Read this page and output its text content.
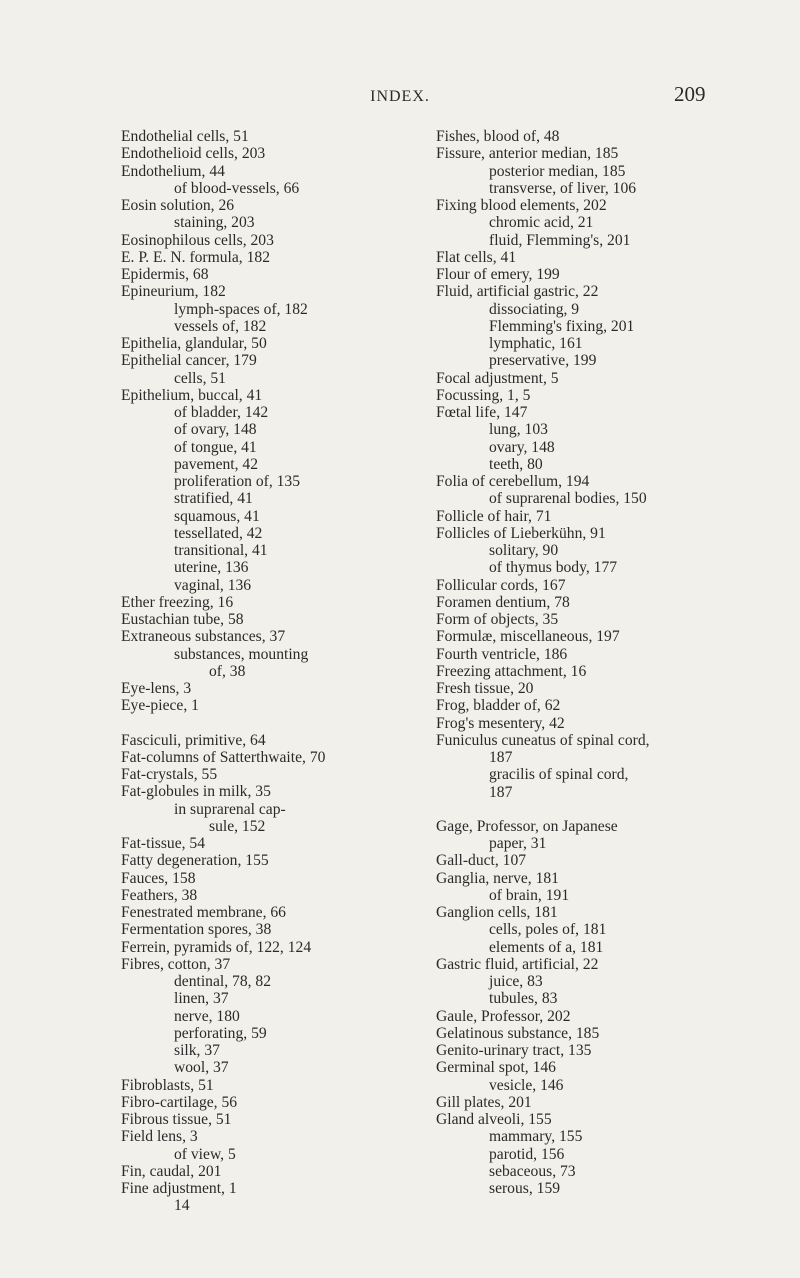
INDEX.	209
Endothelial cells, 51
Endothelioid cells, 203
Endothelium, 44
of blood-vessels, 66
Eosin solution, 26
staining, 203
Eosinophilous cells, 203
E. P. E. N. formula, 182
Epidermis, 68
Epineurium, 182
lymph-spaces of, 182
vessels of, 182
Epithelia, glandular, 50
Epithelial cancer, 179
cells, 51
Epithelium, buccal, 41
of bladder, 142
of ovary, 148
of tongue, 41
pavement, 42
proliferation of, 135
stratified, 41
squamous, 41
tessellated, 42
transitional, 41
uterine, 136
vaginal, 136
Ether freezing, 16
Eustachian tube, 58
Extraneous substances, 37
substances, mounting
of, 38
Eye-lens, 3
Eye-piece, 1
Fasciculi, primitive, 64
Fat-columns of Satterthwaite, 70
Fat-crystals, 55
Fat-globules in milk, 35
in suprarenal cap-
sule, 152
Fat-tissue, 54
Fatty degeneration, 155
Fauces, 158
Feathers, 38
Fenestrated membrane, 66
Fermentation spores, 38
Ferrein, pyramids of, 122, 124
Fibres, cotton, 37
dentinal, 78, 82
linen, 37
nerve, 180
perforating, 59
silk, 37
wool, 37
Fibroblasts, 51
Fibro-cartilage, 56
Fibrous tissue, 51
Field lens, 3
of view, 5
Fin, caudal, 201
Fine adjustment, 1
14
Fishes, blood of, 48
Fissure, anterior median, 185
posterior median, 185
transverse, of liver, 106
Fixing blood elements, 202
chromic acid, 21
fluid, Flemming's, 201
Flat cells, 41
Flour of emery, 199
Fluid, artificial gastric, 22
dissociating, 9
Flemming's fixing, 201
lymphatic, 161
preservative, 199
Focal adjustment, 5
Focussing, 1, 5
Fœtal life, 147
lung, 103
ovary, 148
teeth, 80
Folia of cerebellum, 194
of suprarenal bodies, 150
Follicle of hair, 71
Follicles of Lieberkühn, 91
solitary, 90
of thymus body, 177
Follicular cords, 167
Foramen dentium, 78
Form of objects, 35
Formulæ, miscellaneous, 197
Fourth ventricle, 186
Freezing attachment, 16
Fresh tissue, 20
Frog, bladder of, 62
Frog's mesentery, 42
Funiculus cuneatus of spinal cord,
187
gracilis of spinal cord,
187
Gage, Professor, on Japanese
paper, 31
Gall-duct, 107
Ganglia, nerve, 181
of brain, 191
Ganglion cells, 181
cells, poles of, 181
elements of a, 181
Gastric fluid, artificial, 22
juice, 83
tubules, 83
Gaule, Professor, 202
Gelatinous substance, 185
Genito-urinary tract, 135
Germinal spot, 146
vesicle, 146
Gill plates, 201
Gland alveoli, 155
mammary, 155
parotid, 156
sebaceous, 73
serous, 159
